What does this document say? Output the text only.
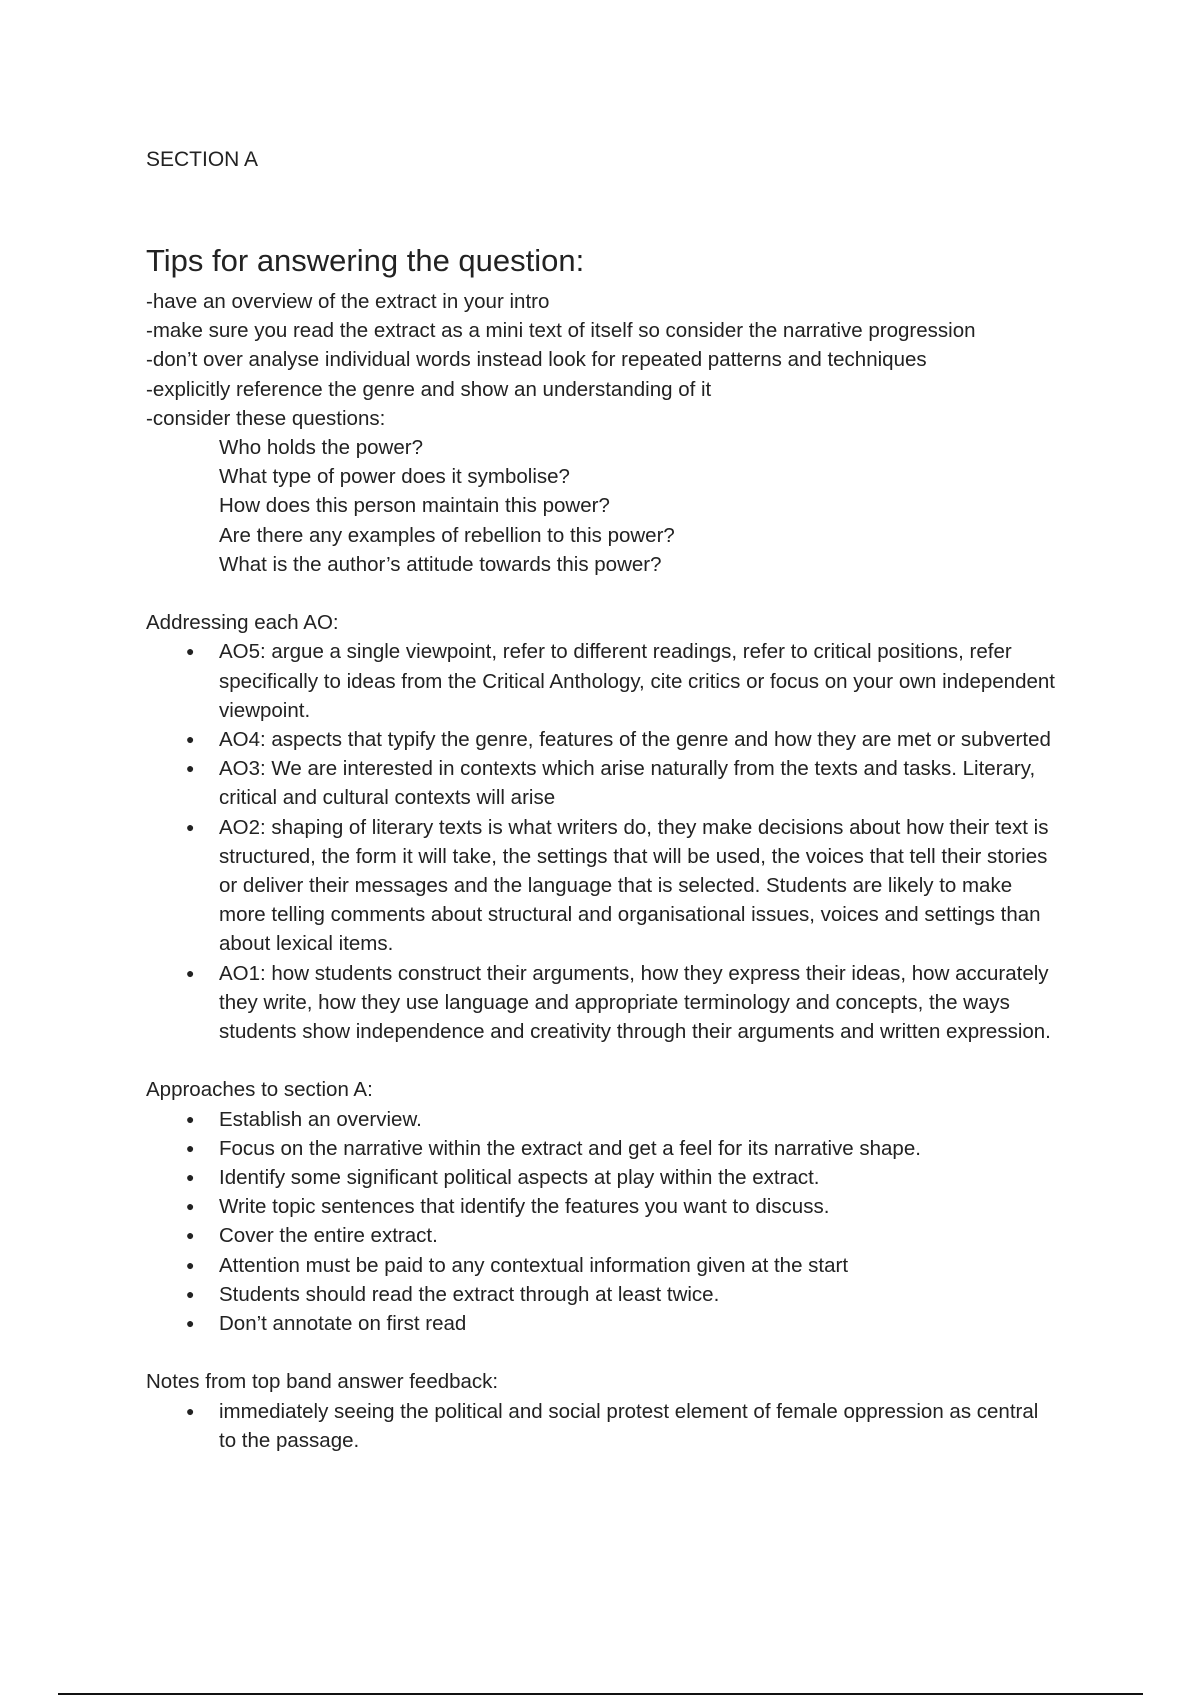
SECTION A
Tips for answering the question:
-have an overview of the extract in your intro
-make sure you read the extract as a mini text of itself so consider the narrative progression
-don’t over analyse individual words instead look for repeated patterns and techniques
-explicitly reference the genre and show an understanding of it
-consider these questions:
Who holds the power?
What type of power does it symbolise?
How does this person maintain this power?
Are there any examples of rebellion to this power?
What is the author’s attitude towards this power?
Addressing each AO:
● AO5: argue a single viewpoint, refer to different readings, refer to critical positions, refer specifically to ideas from the Critical Anthology, cite critics or focus on your own independent viewpoint.
● AO4: aspects that typify the genre, features of the genre and how they are met or subverted
● AO3: We are interested in contexts which arise naturally from the texts and tasks. Literary, critical and cultural contexts will arise
● AO2: shaping of literary texts is what writers do, they make decisions about how their text is structured, the form it will take, the settings that will be used, the voices that tell their stories or deliver their messages and the language that is selected. Students are likely to make more telling comments about structural and organisational issues, voices and settings than about lexical items.
● AO1: how students construct their arguments, how they express their ideas, how accurately they write, how they use language and appropriate terminology and concepts, the ways students show independence and creativity through their arguments and written expression.
Approaches to section A:
● Establish an overview.
● Focus on the narrative within the extract and get a feel for its narrative shape.
● Identify some significant political aspects at play within the extract.
● Write topic sentences that identify the features you want to discuss.
● Cover the entire extract.
● Attention must be paid to any contextual information given at the start
● Students should read the extract through at least twice.
● Don’t annotate on first read
Notes from top band answer feedback:
● immediately seeing the political and social protest element of female oppression as central to the passage.
